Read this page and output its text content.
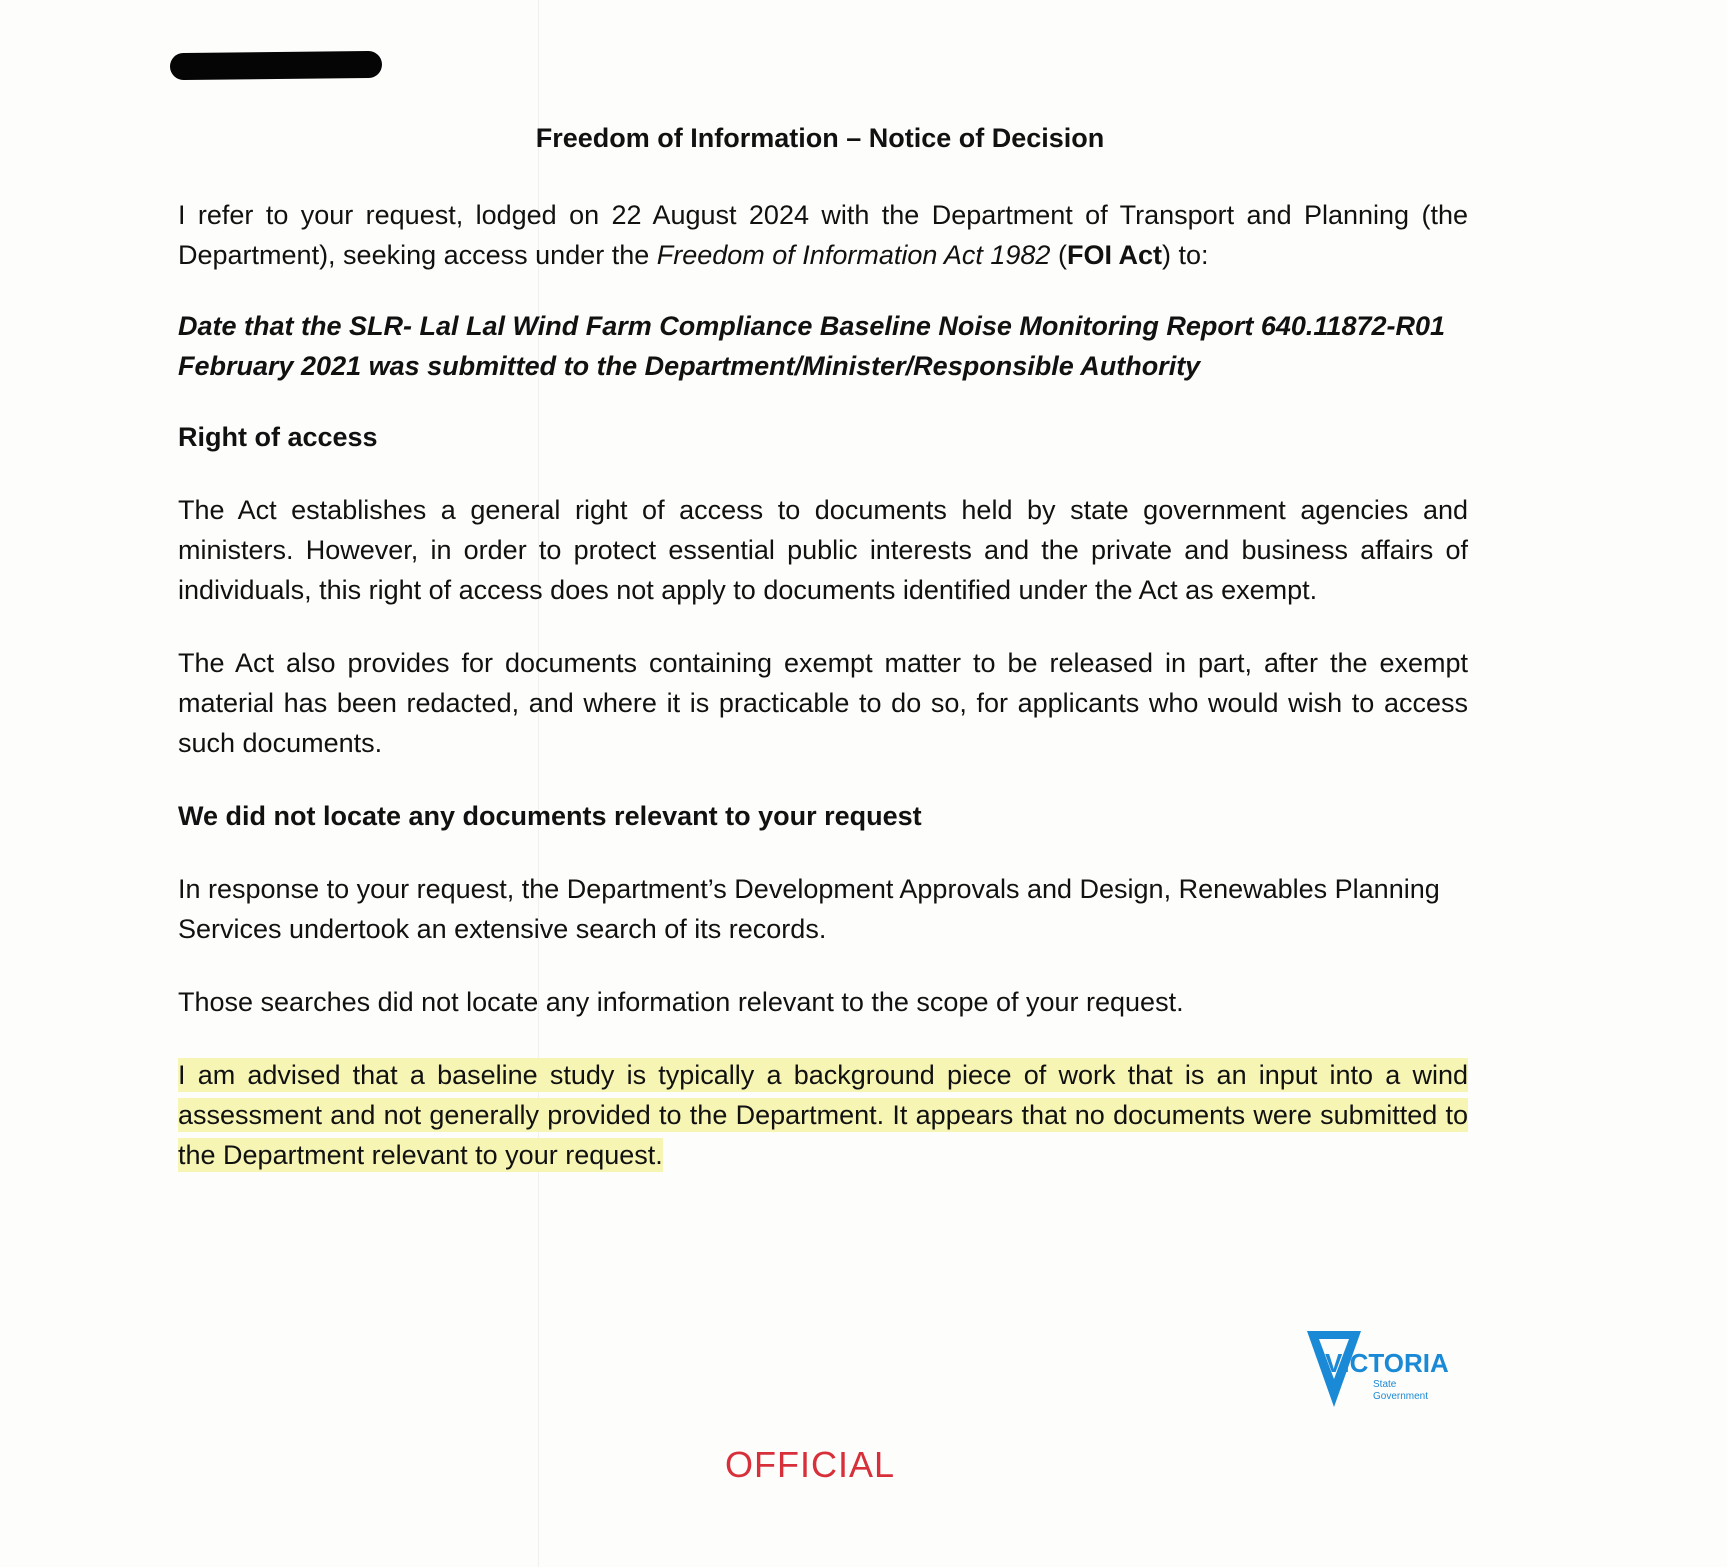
Freedom of Information – Notice of Decision

I refer to your request, lodged on 22 August 2024 with the Department of Transport and Planning (the Department), seeking access under the Freedom of Information Act 1982 (FOI Act) to:

Date that the SLR- Lal Lal Wind Farm Compliance Baseline Noise Monitoring Report 640.11872-R01 February 2021 was submitted to the Department/Minister/Responsible Authority

Right of access

The Act establishes a general right of access to documents held by state government agencies and ministers. However, in order to protect essential public interests and the private and business affairs of individuals, this right of access does not apply to documents identified under the Act as exempt.

The Act also provides for documents containing exempt matter to be released in part, after the exempt material has been redacted, and where it is practicable to do so, for applicants who would wish to access such documents.

We did not locate any documents relevant to your request

In response to your request, the Department’s Development Approvals and Design, Renewables Planning Services undertook an extensive search of its records.

Those searches did not locate any information relevant to the scope of your request.

I am advised that a baseline study is typically a background piece of work that is an input into a wind assessment and not generally provided to the Department. It appears that no documents were submitted to the Department relevant to your request.

VICTORIA
State
Government
OFFICIAL
